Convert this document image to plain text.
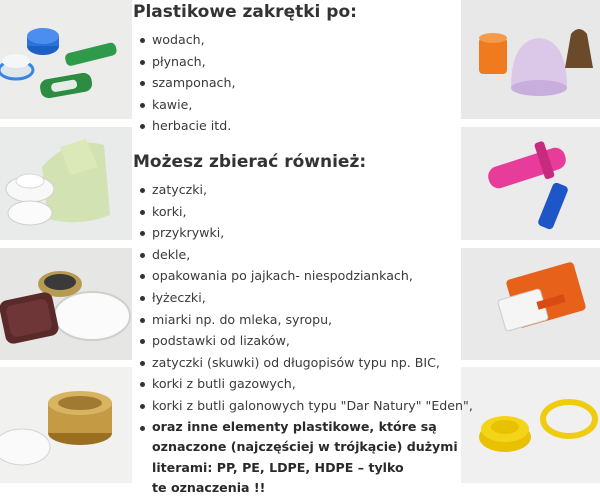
Plastikowe zakrętki po:
wodach,
płynach,
szamponach,
kawie,
herbacie itd.
Możesz zbierać również:
zatyczki,
korki,
przykrywki,
dekle,
opakowania po jajkach- niespodziankach,
łyżeczki,
miarki np. do mleka, syropu,
podstawki od lizaków,
zatyczki (skuwki) od długopisów typu np. BIC,
korki z butli gazowych,
korki z butli galonowych typu "Dar Natury" "Eden",
oraz inne elementy plastikowe, które są
oznaczone (najczęściej w trójkącie) dużymi
literami: PP, PE, LDPE, HDPE – tylko
te oznaczenia !!
